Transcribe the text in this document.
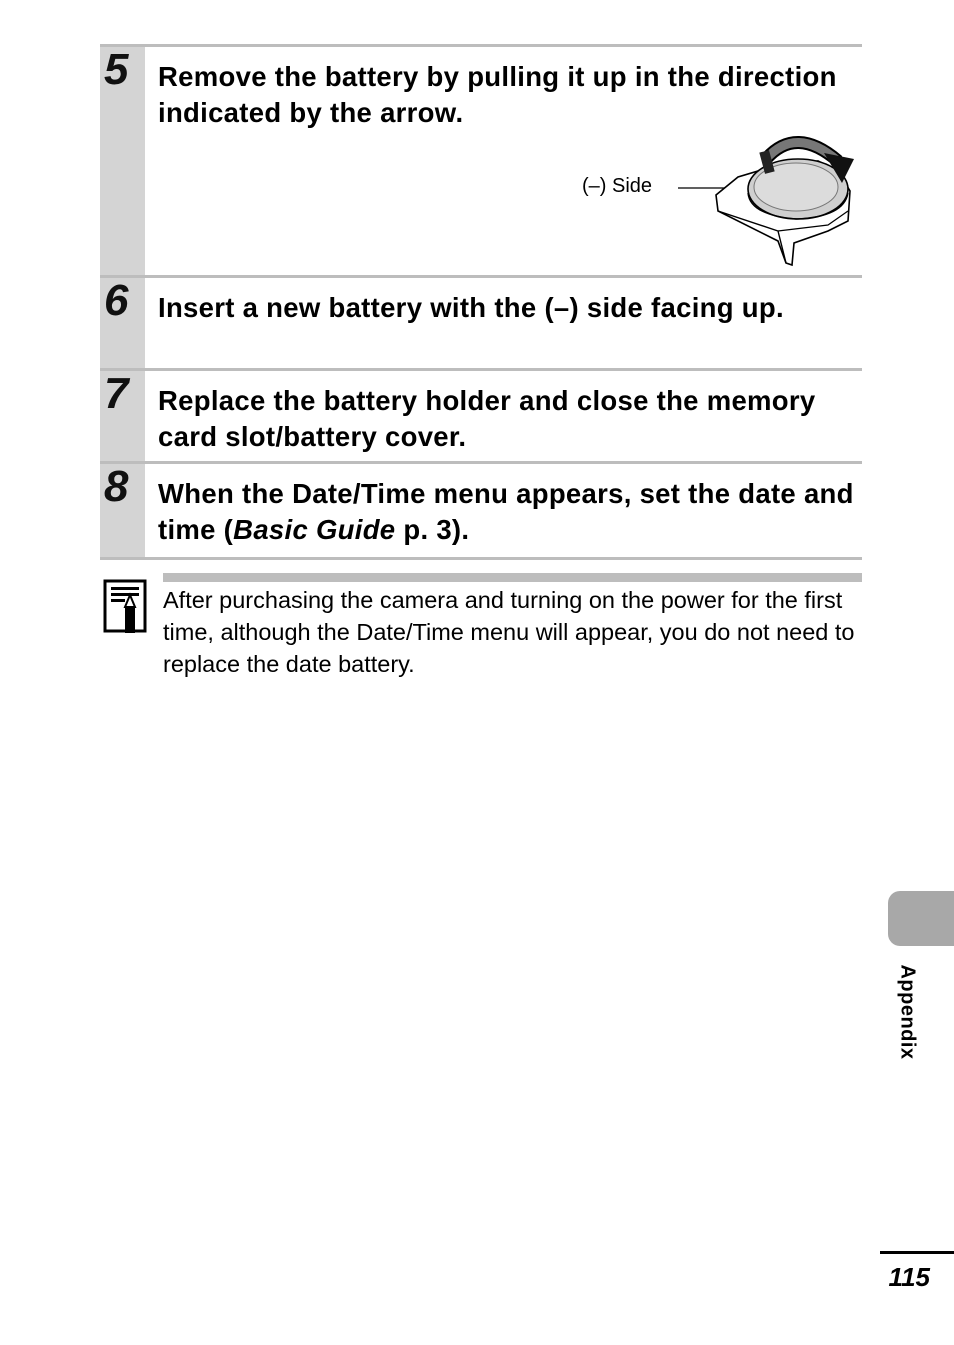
5 Remove the battery by pulling it up in the direction indicated by the arrow.
(–) Side
6 Insert a new battery with the (–) side facing up.
7 Replace the battery holder and close the memory card slot/battery cover.
8 When the Date/Time menu appears, set the date and time (Basic Guide p. 3).
After purchasing the camera and turning on the power for the first time, although the Date/Time menu will appear, you do not need to replace the date battery.
Appendix
115
